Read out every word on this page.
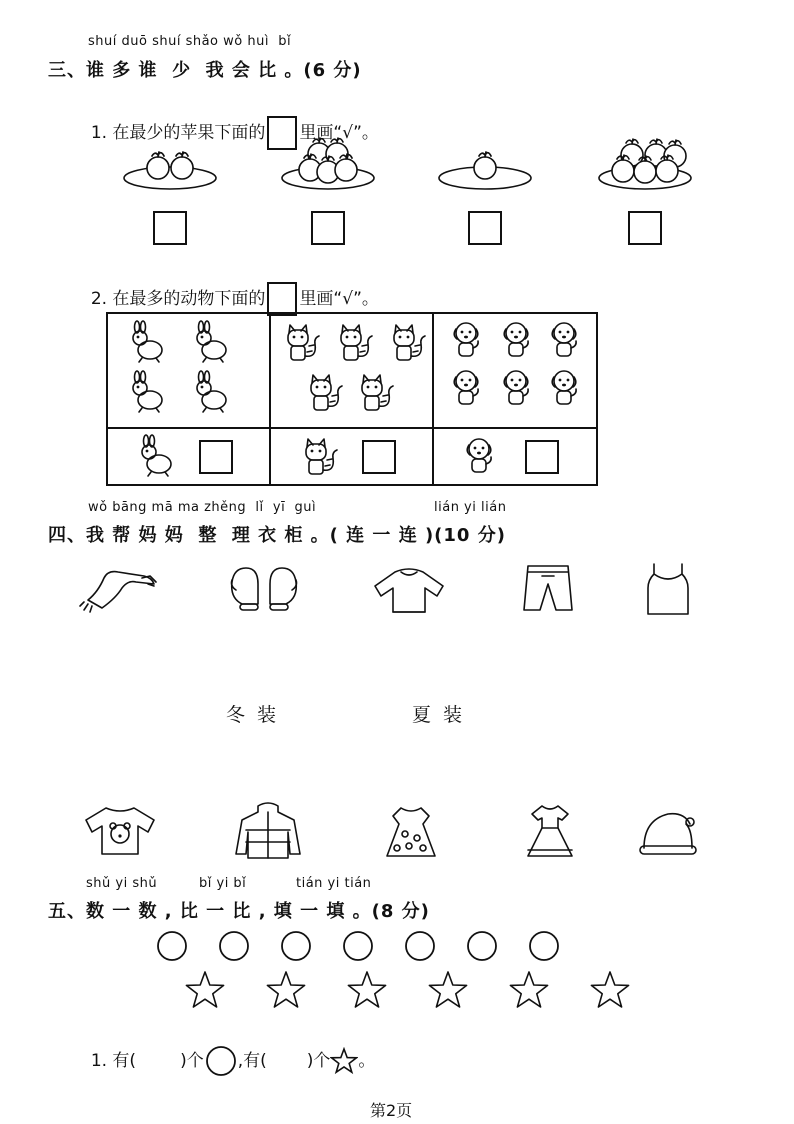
shuí duō shuí shǎo wǒ huì  bǐ
三、谁 多 谁  少  我 会 比 。(6 分)

1. 在最少的苹果下面的 里画“√”。

2. 在最多的动物下面的 里画“√”。

wǒ bāng mā ma zhěng  lǐ  yī  guì	lián yi lián
四、我 帮 妈 妈  整  理 衣 柜 。( 连 一 连 )(10 分)
冬 装	夏 装
shǔ yi shǔ	bǐ yi bǐ	tián yi tián
五、数 一 数 , 比 一 比 , 填 一 填 。(8 分)

1. 有(	)个 ,有( )个 。

第2页
